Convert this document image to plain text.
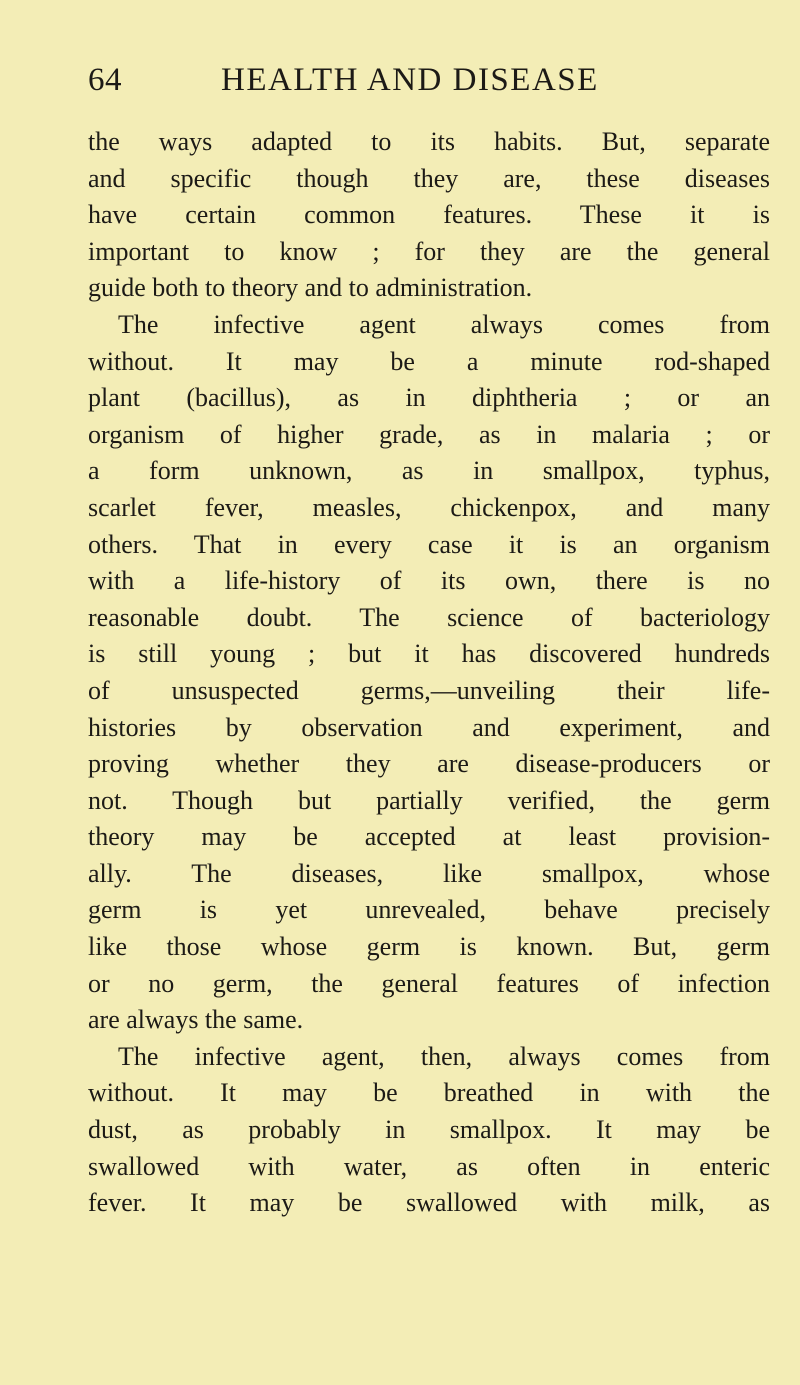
64	HEALTH AND DISEASE
the ways adapted to its habits. But, separate
and specific though they are, these diseases
have certain common features. These it is
important to know ; for they are the general
guide both to theory and to administration.
The infective agent always comes from
without. It may be a minute rod-shaped
plant (bacillus), as in diphtheria ; or an
organism of higher grade, as in malaria ; or
a form unknown, as in smallpox, typhus,
scarlet fever, measles, chickenpox, and many
others. That in every case it is an organism
with a life-history of its own, there is no
reasonable doubt. The science of bacteriology
is still young ; but it has discovered hundreds
of unsuspected germs,—unveiling their life-
histories by observation and experiment, and
proving whether they are disease-producers or
not. Though but partially verified, the germ
theory may be accepted at least provision-
ally. The diseases, like smallpox, whose
germ is yet unrevealed, behave precisely
like those whose germ is known. But, germ
or no germ, the general features of infection
are always the same.
The infective agent, then, always comes from
without. It may be breathed in with the
dust, as probably in smallpox. It may be
swallowed with water, as often in enteric
fever. It may be swallowed with milk, as
